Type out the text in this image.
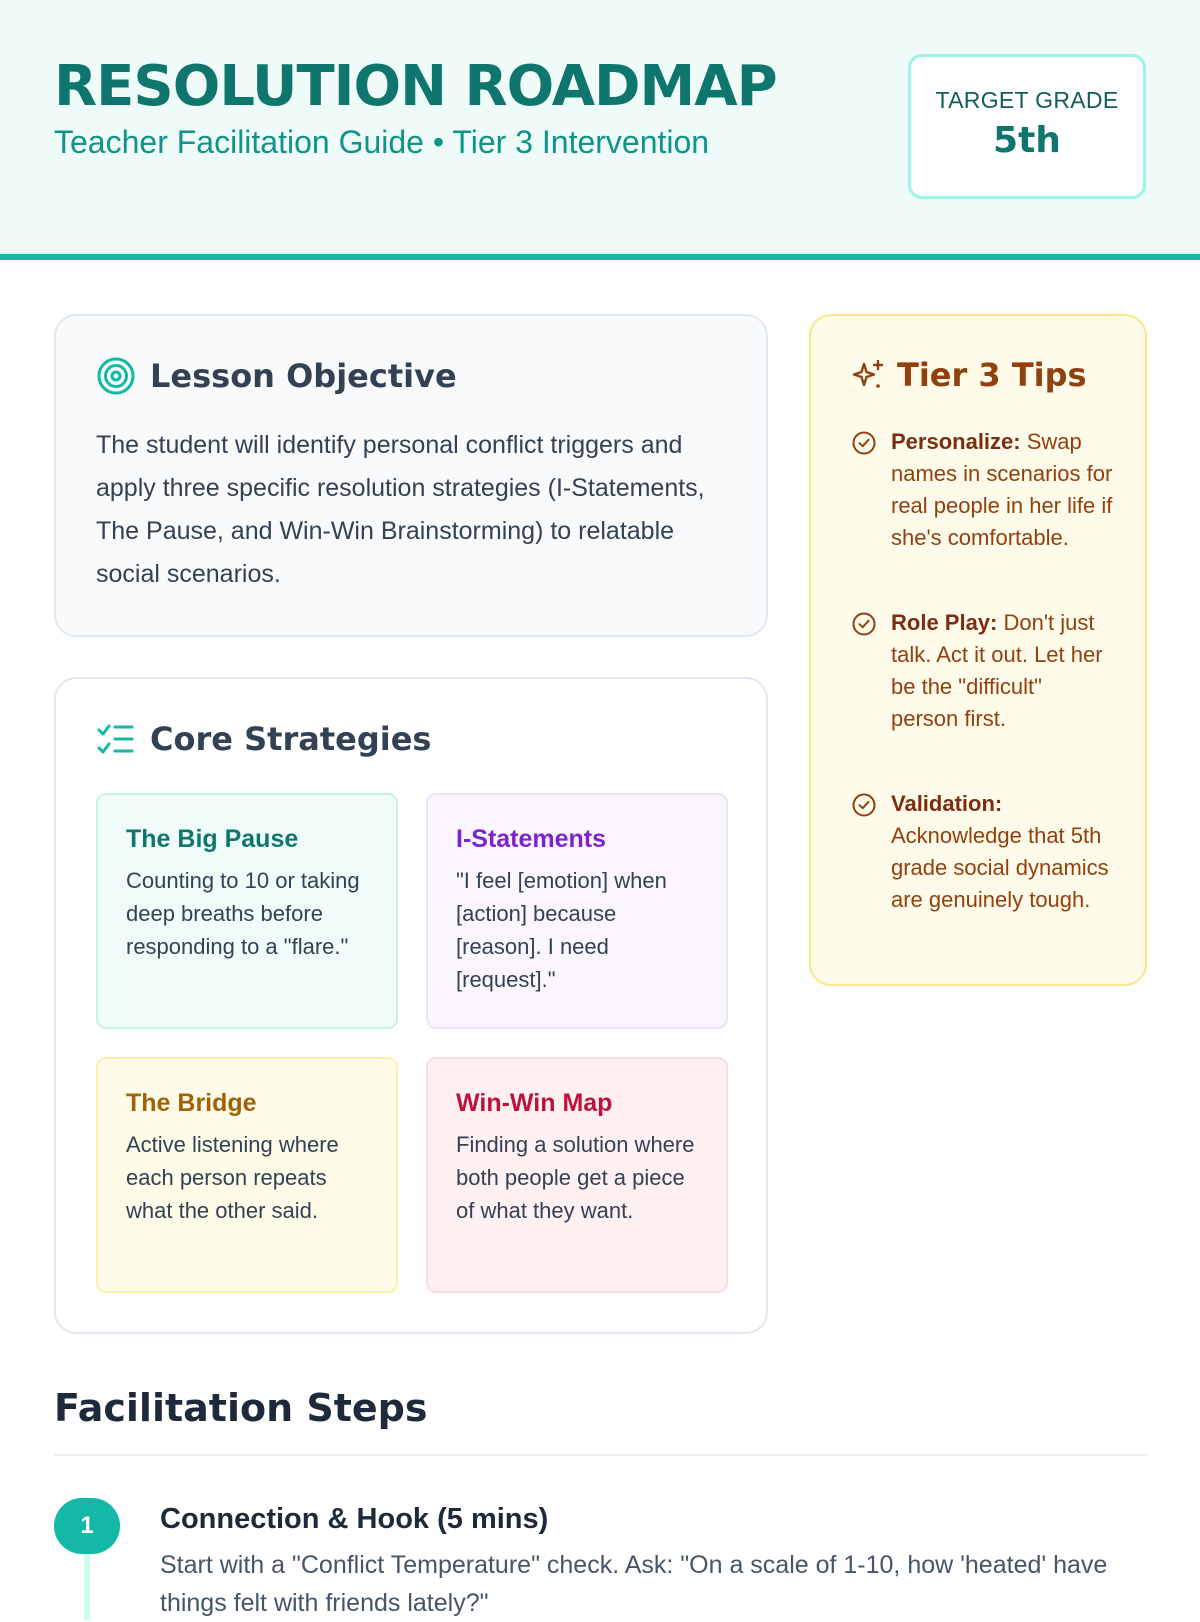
RESOLUTION ROADMAP
Teacher Facilitation Guide • Tier 3 Intervention
TARGET GRADE
5th
Lesson Objective
The student will identify personal conflict triggers and apply three specific resolution strategies (I-Statements, The Pause, and Win-Win Brainstorming) to relatable social scenarios.
Core Strategies
The Big Pause
Counting to 10 or taking deep breaths before responding to a "flare."
I-Statements
"I feel [emotion] when [action] because [reason]. I need [request]."
The Bridge
Active listening where each person repeats what the other said.
Win-Win Map
Finding a solution where both people get a piece of what they want.
Tier 3 Tips
Personalize: Swap names in scenarios for real people in her life if she's comfortable.
Role Play: Don't just talk. Act it out. Let her be the "difficult" person first.
Validation: Acknowledge that 5th grade social dynamics are genuinely tough.
Facilitation Steps
1	Connection & Hook (5 mins)
Start with a "Conflict Temperature" check. Ask: "On a scale of 1-10, how 'heated' have things felt with friends lately?"
